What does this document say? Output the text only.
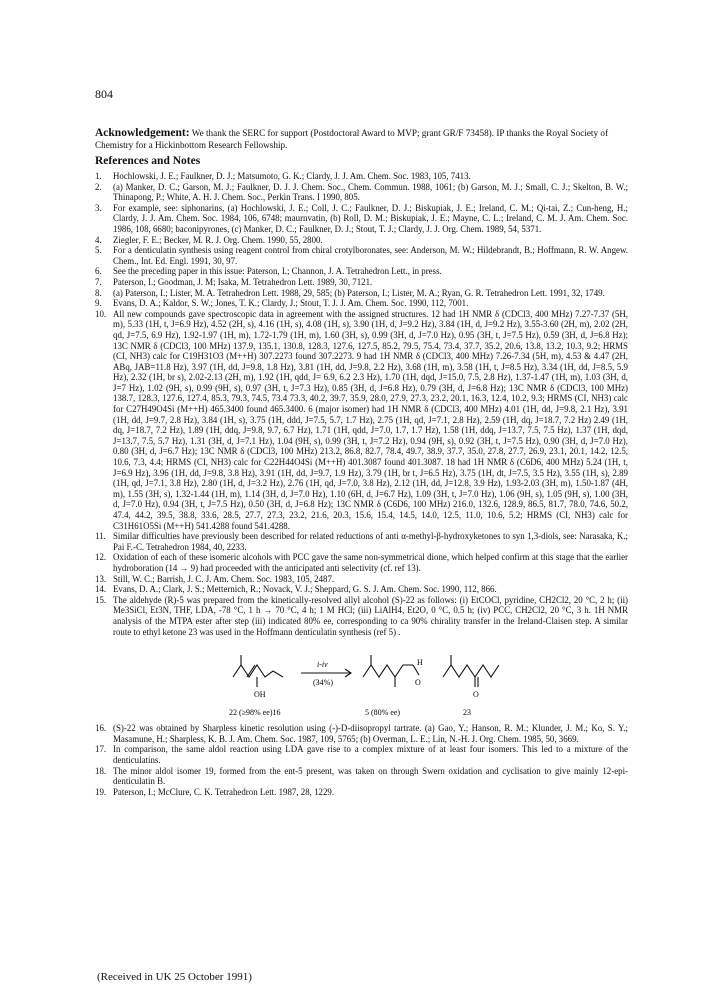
804
Acknowledgement: We thank the SERC for support (Postdoctoral Award to MVP; grant GR/F 73458). IP thanks the Royal Society of Chemistry for a Hickinbottom Research Fellowship.
References and Notes
1.	Hochlowski, J. E.; Faulkner, D. J.; Matsumoto, G. K.; Clardy, J. J. Am. Chem. Soc. 1983, 105, 7413.
2.	(a) Manker, D. C.; Garson, M. J.; Faulkner, D. J. J. Chem. Soc., Chem. Commun. 1988, 1061; (b) Garson, M. J.; Small, C. J.; Skelton, B. W.; Thinapong, P.; White, A. H. J. Chem. Soc., Perkin Trans. I 1990, 805.
3.	For example, see: siphonarins, (a) Hochlowski, J. E.; Coll, J. C.; Faulkner, D. J.; Biskupiak, J. E.; Ireland, C. M.; Qi-tai, Z.; Cun-heng, H.; Clardy, J. J. Am. Chem. Soc. 1984, 106, 6748; maurnvatin, (b) Roll, D. M.; Biskupiak, J. E.; Mayne, C. L.; Ireland, C. M. J. Am. Chem. Soc. 1986, 108, 6680; baconipyrones, (c) Manker, D. C.; Faulkner, D. J.; Stout, T. J.; Clardy, J. J. Org. Chem. 1989, 54, 5371.
4.	Ziegler, F. E.; Becker, M. R. J. Org. Chem. 1990, 55, 2800.
5.	For a denticulatin synthesis using reagent control from chiral crotylboronates, see: Anderson, M. W.; Hildebrandt, B.; Hoffmann, R. W. Angew. Chem., Int. Ed. Engl. 1991, 30, 97.
6.	See the preceding paper in this issue: Paterson, I.; Channon, J. A. Tetrahedron Lett., in press.
7.	Paterson, I.; Goodman, J. M; Isaka, M. Tetrahedron Lett. 1989, 30, 7121.
8.	(a) Paterson, I.; Lister, M. A. Tetrahedron Lett. 1988, 29, 585; (b) Paterson, I.; Lister, M. A.; Ryan, G. R. Tetrahedron Lett. 1991, 32, 1749.
9.	Evans, D. A.; Kaldor, S. W.; Jones, T. K.; Clardy, J.; Stout, T. J. J. Am. Chem. Soc. 1990, 112, 7001.
10. All new compounds gave spectroscopic data in agreement with the assigned structures. 12 had 1H NMR δ (CDCl3, 400 MHz) 7.27-7.37 (5H, m), 5.33 (1H, t, J=6.9 Hz), 4.52 (2H, s), 4.16 (1H, s), 4.08 (1H, s), 3.90 (1H, d, J=9.2 Hz), 3.84 (1H, d, J=9.2 Hz), 3.55-3.60 (2H, m), 2.02 (2H, qd, J=7.5, 6.9 Hz), 1.92-1.97 (1H, m), 1.72-1.79 (1H, m), 1.60 (3H, s), 0.99 (3H, d, J=7.0 Hz), 0.95 (3H, t, J=7.5 Hz), 0.59 (3H, d, J=6.8 Hz); 13C NMR δ (CDCl3, 100 MHz) 137.9, 135.1, 130.8, 128.3, 127.6, 127.5, 85.2, 79.5, 75.4, 73.4, 37.7, 35.2, 20.6, 13.8, 13.2, 10.3, 9.2; HRMS (CI, NH3) calc for C19H31O3 (M++H) 307.2273 found 307.2273. 9 had 1H NMR δ (CDCl3, 400 MHz) 7.26-7.34 (5H, m), 4.53 & 4.47 (2H, ABq, JAB=11.8 Hz), 3.97 (1H, dd, J=9.8, 1.8 Hz), 3.81 (1H, dd, J=9.8, 2.2 Hz), 3.68 (1H, m), 3.58 (1H, t, J=8.5 Hz), 3.34 (1H, dd, J=8.5, 5.9 Hz), 2.32 (1H, br s), 2.02-2.13 (2H, m), 1.92 (1H, qdd, J= 6.9, 6.2 2.3 Hz), 1.70 (1H, dqd, J=15.0, 7.5, 2.8 Hz), 1.37-1.47 (1H, m), 1.03 (3H, d, J=7 Hz), 1.02 (9H, s), 0.99 (9H, s), 0.97 (3H, t, J=7.3 Hz), 0.85 (3H, d, J=6.8 Hz), 0.79 (3H, d, J=6.8 Hz); 13C NMR δ (CDCl3, 100 MHz) 138.7, 128.3, 127.6, 127.4, 85.3, 79.3, 74.5, 73.4 73.3, 40.2, 39.7, 35.9, 28.0, 27.9, 27.3, 23.2, 20.1, 16.3, 12.4, 10.2, 9.3; HRMS (CI, NH3) calc for C27H49O4Si (M++H) 465.3400 found 465.3400. 6 (major isomer) had 1H NMR δ (CDCl3, 400 MHz) 4.01 (1H, dd, J=9.8, 2.1 Hz), 3.91 (1H, dd, J=9.7, 2.8 Hz), 3.84 (1H, s), 3.75 (1H, ddd, J=7.5, 5.7, 1.7 Hz), 2.75 (1H, qd, J=7.1, 2.8 Hz), 2.59 (1H, dq, J=18.7, 7.2 Hz) 2.49 (1H, dq, J=18.7, 7.2 Hz), 1.89 (1H, ddq, J=9.8, 9.7, 6.7 Hz), 1.71 (1H, qdd, J=7.0, 1.7, 1.7 Hz), 1.58 (1H, ddq, J=13.7, 7.5, 7.5 Hz), 1.37 (1H, dqd, J=13.7, 7.5, 5.7 Hz), 1.31 (3H, d, J=7.1 Hz), 1.04 (9H, s), 0.99 (3H, t, J=7.2 Hz), 0.94 (9H, s), 0.92 (3H, t, J=7.5 Hz), 0.90 (3H, d, J=7.0 Hz), 0.80 (3H, d, J=6.7 Hz); 13C NMR δ (CDCl3, 100 MHz) 213.2, 86.8, 82.7, 78.4, 49.7, 38.9, 37.7, 35.0, 27.8, 27.7, 26.9, 23.1, 20.1, 14.2, 12.5, 10.6, 7.3, 4.4; HRMS (CI, NH3) calc for C22H44O4Si (M++H) 401.3087 found 401.3087. 18 had 1H NMR δ (C6D6, 400 MHz) 5.24 (1H, t, J=6.9 Hz), 3.96 (1H, dd, J=9.8, 3.8 Hz), 3.91 (1H, dd, J=9.7, 1.9 Hz), 3.79 (1H, br t, J=6.5 Hz), 3.75 (1H, dt, J=7.5, 3.5 Hz), 3.55 (1H, s), 2.89 (1H, qd, J=7.1, 3.8 Hz), 2.80 (1H, d, J=3.2 Hz), 2.76 (1H, qd, J=7.0, 3.8 Hz), 2.12 (1H, dd, J=12.8, 3.9 Hz), 1.93-2.03 (3H, m), 1.50-1.87 (4H, m), 1.55 (3H, s), 1.32-1.44 (1H, m), 1.14 (3H, d, J=7.0 Hz), 1.10 (6H, d, J=6.7 Hz), 1.09 (3H, t, J=7.0 Hz), 1.06 (9H, s), 1.05 (9H, s), 1.00 (3H, d, J=7.0 Hz), 0.94 (3H, t, J=7.5 Hz), 0.50 (3H, d, J=6.8 Hz); 13C NMR δ (C6D6, 100 MHz) 216.0, 132.6, 128.9, 86.5, 81.7, 78.0, 74.6, 50.2, 47.4, 44.2, 39.5, 38.8, 33.6, 28.5, 27.7, 27.3, 23.2, 21.6, 20.3, 15.6, 15.4, 14.5, 14.0, 12.5, 11.0, 10.6, 5.2; HRMS (CI, NH3) calc for C31H61O5Si (M++H) 541.4288 found 541.4288.
11. Similar difficulties have previously been described for related reductions of anti α-methyl-β-hydroxyketones to syn 1,3-diols, see: Narasaka, K.; Pai F.-C. Tetrahedron 1984, 40, 2233.
12. Oxidation of each of these isomeric alcohols with PCC gave the same non-symmetrical dione, which helped confirm at this stage that the earlier hydroboration (14 → 9) had proceeded with the anticipated anti selectivity (cf. ref 13).
13. Still, W. C.; Barrish, J. C. J. Am. Chem. Soc. 1983, 105, 2487.
14. Evans, D. A.; Clark, J. S.; Metternich, R.; Novack, V. J.; Sheppard, G. S. J. Am. Chem. Soc. 1990, 112, 866.
15. The aldehyde (R)-5 was prepared from the kinetically-resolved allyl alcohol (S)-22 as follows: (i) EtCOCl, pyridine, CH2Cl2, 20 °C, 2 h; (ii) Me3SiCl, Et3N, THF, LDA, -78 °C, 1 h → 70 °C, 4 h; 1 M HCl; (iii) LiAlH4, Et2O, 0 °C, 0.5 h; (iv) PCC, CH2Cl2, 20 °C, 3 h. 1H NMR analysis of the MTPA ester after step (iii) indicated 80% ee, corresponding to ca 90% chirality transfer in the Ireland-Claisen step. A similar route to ethyl ketone 23 was used in the Hoffmann denticulatin synthesis (ref 5) .
OH
i-iv
(34%)
H
O
O
22 (≥98% ee)16	5 (80% ee)	23
16. (S)-22 was obtained by Sharpless kinetic resolution using (-)-D-diisopropyl tartrate. (a) Gao, Y.; Hanson, R. M.; Klunder, J. M.; Ko, S. Y.; Masamune, H.; Sharpless, K. B. J. Am. Chem. Soc. 1987, 109, 5765; (b) Overman, L. E.; Lin, N.-H. J. Org. Chem. 1985, 50, 3669.
17. In comparison, the same aldol reaction using LDA gave rise to a complex mixture of at least four isomers. This led to a mixture of the denticulatins.
18. The minor aldol isomer 19, formed from the ent-5 present, was taken on through Swern oxidation and cyclisation to give mainly 12-epi-denticulatin B.
19. Paterson, I.; McClure, C. K. Tetrahedron Lett. 1987, 28, 1229.
(Received in UK 25 October 1991)
